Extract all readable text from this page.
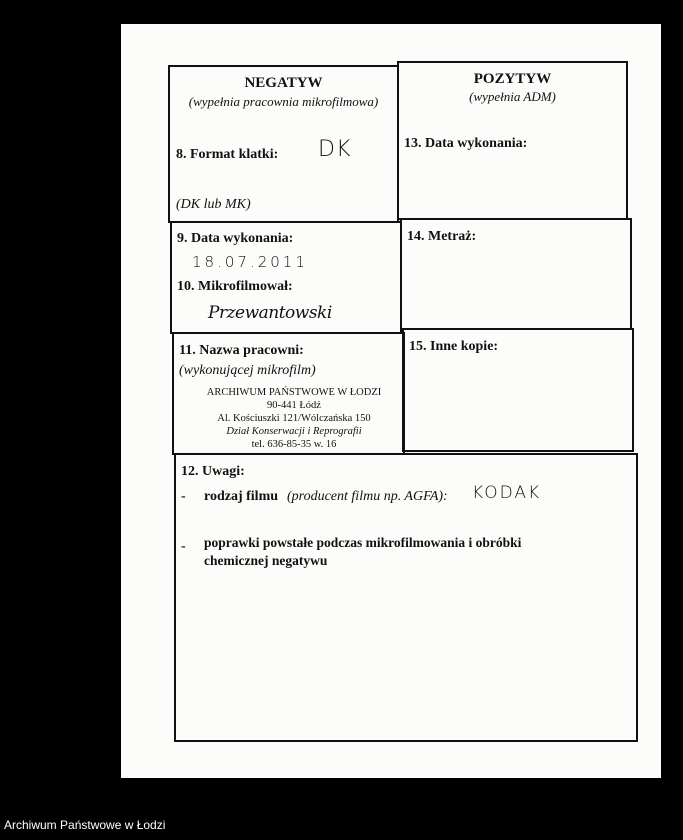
NEGATYW
(wypełnia pracownia mikrofilmowa)
8. Format klatki: DK
(DK lub MK)
POZYTYW
(wypełnia ADM)
13. Data wykonania:
9. Data wykonania:
18.07.2011
10. Mikrofilmował:
Przewantowski
14. Metraż:
11. Nazwa pracowni:
(wykonującej mikrofilm)
ARCHIWUM PAŃSTWOWE W ŁODZI
90-441 Łódź
Al. Kościuszki 121/Wólczańska 150
Dział Konserwacji i Reprografii
tel. 636-85-35 w. 16
15. Inne kopie:
12. Uwagi:
- rodzaj filmu (producent filmu np. AGFA): KODAK
- poprawki powstałe podczas mikrofilmowania i obróbki
chemicznej negatywu
Archiwum Państwowe w Łodzi
